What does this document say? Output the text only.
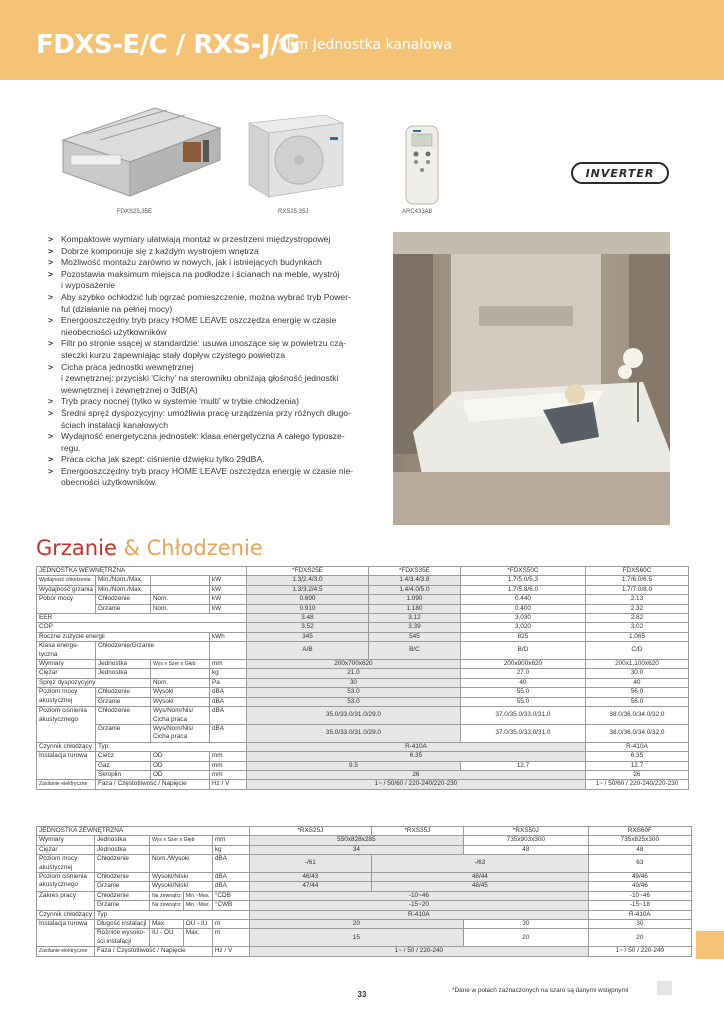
FDXS-E/C / RXS-J/G
Slim Jednostka kanałowa
FDXS25,35E	RXS25,35J	ARC433A8
INVERTER
> Kompaktowe wymiary ułatwiają montaż w przestrzeni międzystropowej
> Dobrze komponuje się z każdym wystrojem wnętrza
> Możliwość montażu zarówno w nowych, jak i istniejących budynkach
> Pozostawia maksimum miejsca na podłodze i ścianach na meble, wystrój
i wyposażenie
> Aby szybko ochłodzić lub ogrzać pomieszczenie, można wybrać tryb Power-
ful (działanie na pełnej mocy)
> Energooszczędny tryb pracy HOME LEAVE oszczędza energię w czasie
nieobecności użytkowników
> Filtr po stronie ssącej w standardzie: usuwa unoszące się w powietrzu czą-
steczki kurzu zapewniając stały dopływ czystego powietrza
> Cicha praca jednostki wewnętrznej
i zewnętrznej: przyciski 'Cichy' na sterowniku obniżają głośność jednostki
wewnętrznej i zewnętrznej o 3dB(A)
> Tryb pracy nocnej (tylko w systemie 'multi' w trybie chłodzenia)
> Średni spręż dyspozycyjny: umożliwia pracę urządzenia przy różnych długo-
ściach instalacji kanałowych
> Wydajność energetyczna jednostek: klasa energetyczna A całego typosze-
regu.
> Praca cicha jak szept: ciśnienie dźwięku tylko 29dBA.
> Energooszczędny tryb pracy HOME LEAVE oszczędza energię w czasie nie-
obecności użytkowników.
Grzanie & Chłodzenie
JEDNOSTKA WEWNĘTRZNA				*FDXS25E	*FDXS35E	*FDXS50C	FDXS60C
Wydajność chłodzenia	Min./Nom./Max.		kW	1.3/2.4/3.0	1.4/3.4/3.8	1.7/5.0/5.3	1.7/6.0/6.5
Wydajność grzania	Min./Nom./Max.		kW	1.3/3.2/4.5	1.4/4.0/5.0	1.7/5.8/6.0	1.7/7.0/8.0
Pobór mocy	Chłodzenie	Nom.	kW	0.690	1.090	0.440	2.13
	Grzanie	Nom.	kW	0.910	1.180	0.400	2.32
EER				3.48	3.12	3,030	2.82
COP				3.52	3.39	3,020	3.02
Roczne zużycie energii			kWh	345	545	825	1,065
Klasa energe-tyczna	Chłodzenie/Grzanie			A/B	B/C	B/D	C/D
Wymiary	Jednostka	Wys x Szer x Głęb	mm	200x700x620		200x900x620	200x1,100x620
Ciężar	Jednostka		kg	21.0		27.0	30.0
Spręż dyspozycyjny		Nom.	Pa	30		40	40
Poziom mocy akustycznej	Chłodzenie	Wysoki	dBA	53.0		55.0	56.0
	Grzanie	Wysoki	dBA	53.0		55.0	56.0
Poziom ciśnienia akustycznego	Chłodzenie	Wys/Nom/Nis/ Cicha praca	dBA	35.0/33.0/31.0/29.0		37.0/35.0/33.0/31.0	38.0/36.0/34.0/32.0
	Grzanie	Wys/Nom/Nis/ Cicha praca	dBA	35.0/33.0/31.0/29.0		37.0/35.0/33.0/31.0	38.0/36.0/34.0/32.0
Czynnik chłodzący	Typ			R-410A			R-410A
Instalacja rurowa	Ciecz	OD	mm	6.35			6.35
	Gaz	OD	mm	9.5		12.7	12.7
	Skroplin	OD	mm	26			26
Zasilanie elektryczne	Faza / Częstotliwość / Napięcie		Hz / V	1~ / 50/60 / 220-240/220-230			1~ / 50/60 / 220-240/220-230
JEDNOSTKA ZEWNĘTRZNA					*RXS25J	*RXS35J	*RXS50J	RXS60F
Wymiary	Jednostka	Wys x Szer x Głęb		mm	550x828x285		735x903x300	735x825x300
Ciężar	Jednostka			kg	34		48	48
Poziom mocy akustycznej	Chłodzenie	Nom./Wysoki		dBA	-/61	-/63		63
Poziom ciśnienia akustycznego	Chłodzenie	Wysoki/Niski		dBA	46/43	48/44		49/46
	Grzanie	Wysoki/Niski		dBA	47/44	48/45		49/46
Zakres pracy	Chłodzenie	Na zewnątrz	Min.~Max.	°CDB	-10~46			-10~46
	Grzanie	Na zewnątrz	Min.~Max.	°CWB	-15~20			-15~18
Czynnik chłodzący	Typ				R-410A			R-410A
Instalacja rurowa	Długość instalacji	Max.	OU - IU	m	20		30	30
	Różnice wysoko-ści instalacji	IU - OU	Max.	m	15		20	20
Zasilanie elektryczne	Faza / Częstotliwość / Napięcie			Hz / V	1~ / 50 / 220-240			1~ / 50 / 220-240
33	*Dane w polach zaznaczonych na szaro są danymi wstępnymi
